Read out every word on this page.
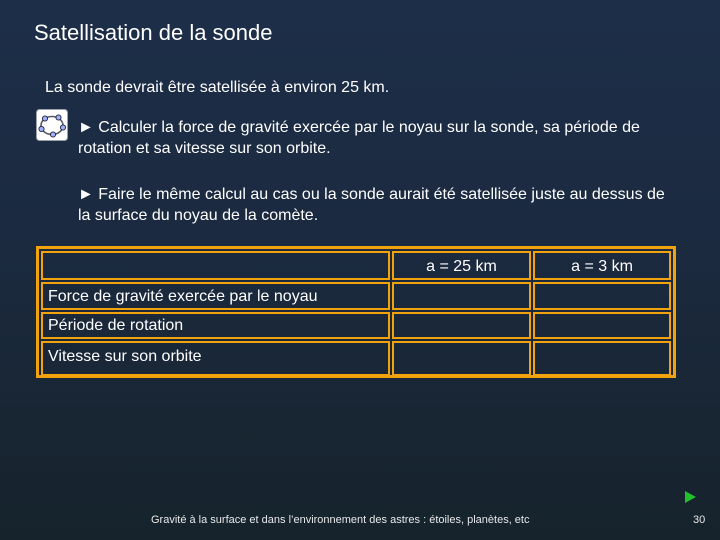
Satellisation de la sonde
La sonde devrait être satellisée à environ 25 km.
► Calculer la force de gravité exercée par le noyau sur la sonde, sa période de rotation et sa vitesse sur son orbite.
► Faire le même calcul au cas ou la sonde aurait été satellisée juste au dessus de la surface du noyau de la comète.
a = 25 km	a = 3 km
Force de gravité exercée par le noyau
Période de rotation
Vitesse sur son orbite
Gravité à la surface et dans l’environnement des astres : étoiles, planètes, etc	30
